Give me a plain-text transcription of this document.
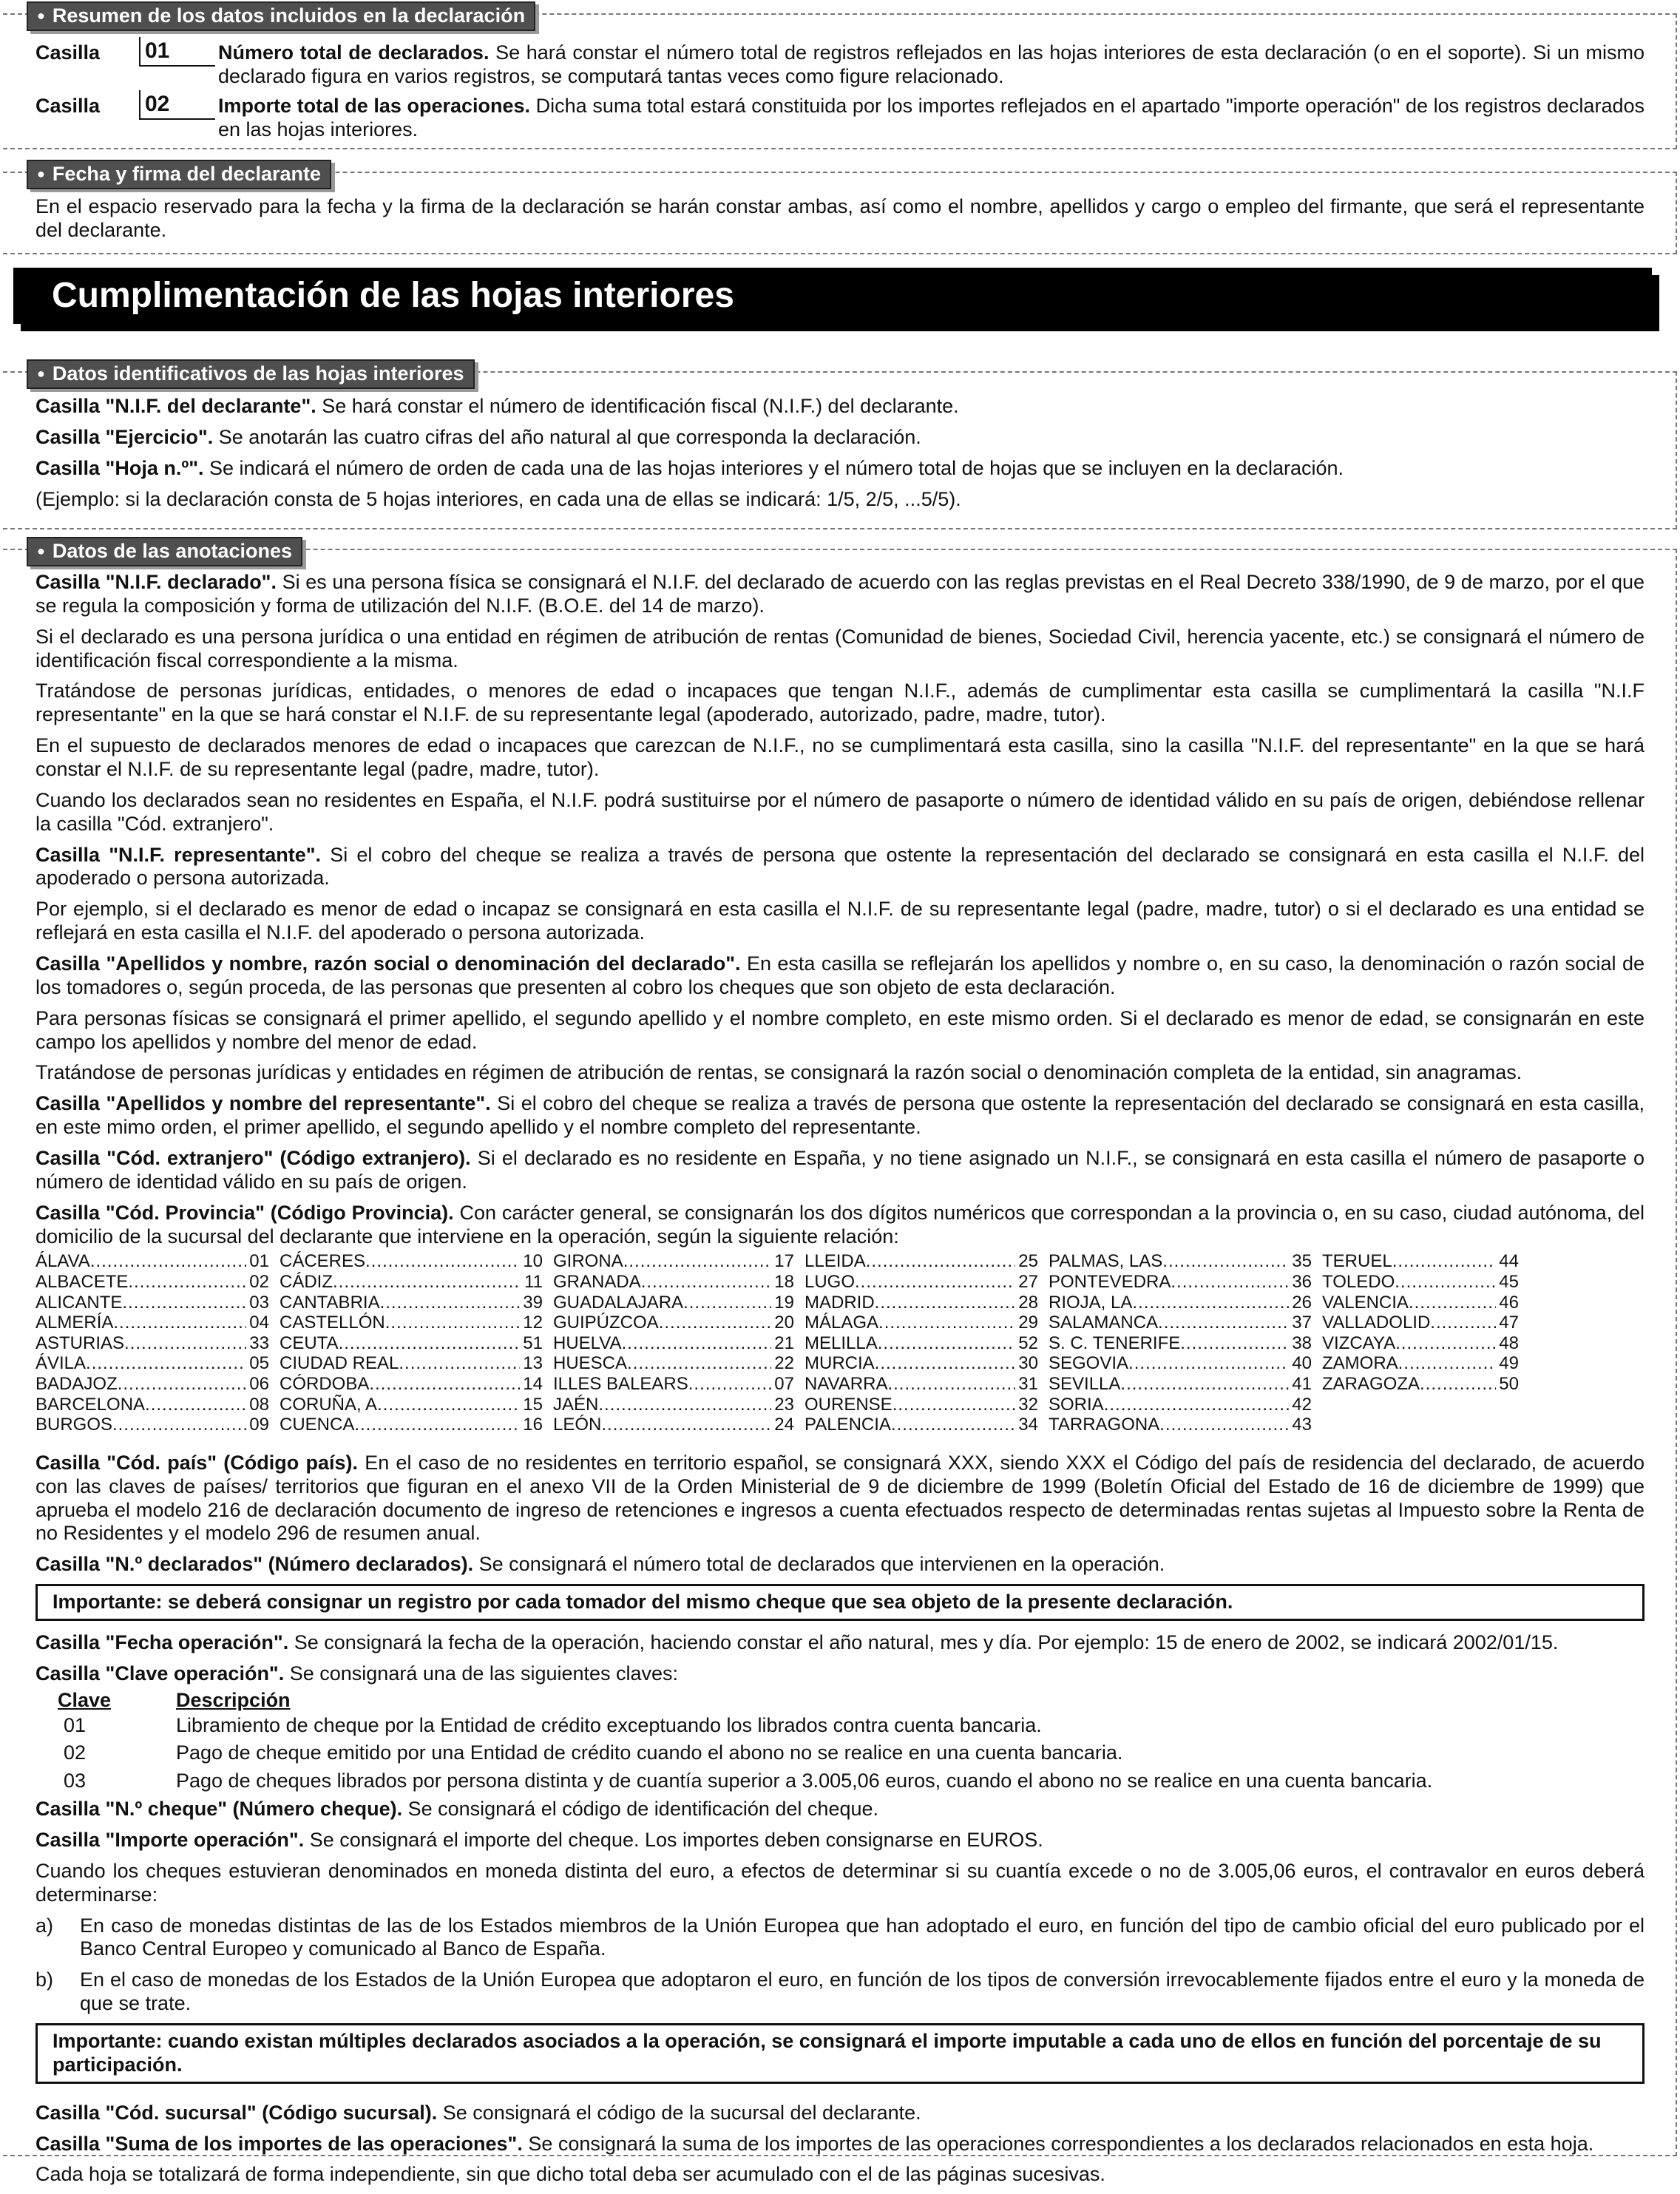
● Resumen de los datos incluidos en la declaración
Casilla	01	Número total de declarados. Se hará constar el número total de registros reflejados en las hojas interiores de esta declaración (o en el soporte). Si un mismo declarado figura en varios registros, se computará tantas veces como figure relacionado.
Casilla	02	Importe total de las operaciones. Dicha suma total estará constituida por los importes reflejados en el apartado "importe operación" de los registros declarados en las hojas interiores.
● Fecha y firma del declarante

En el espacio reservado para la fecha y la firma de la declaración se harán constar ambas, así como el nombre, apellidos y cargo o empleo del firmante, que será el representante del declarante.

Cumplimentación de las hojas interiores
● Datos identificativos de las hojas interiores

Casilla "N.I.F. del declarante". Se hará constar el número de identificación fiscal (N.I.F.) del declarante.

Casilla "Ejercicio". Se anotarán las cuatro cifras del año natural al que corresponda la declaración.

Casilla "Hoja n.º". Se indicará el número de orden de cada una de las hojas interiores y el número total de hojas que se incluyen en la declaración.

(Ejemplo: si la declaración consta de 5 hojas interiores, en cada una de ellas se indicará: 1/5, 2/5, ...5/5).

● Datos de las anotaciones

Casilla "N.I.F. declarado". Si es una persona física se consignará el N.I.F. del declarado de acuerdo con las reglas previstas en el Real Decreto 338/1990, de 9 de marzo, por el que se regula la composición y forma de utilización del N.I.F. (B.O.E. del 14 de marzo).

Si el declarado es una persona jurídica o una entidad en régimen de atribución de rentas (Comunidad de bienes, Sociedad Civil, herencia yacente, etc.) se consignará el número de identificación fiscal correspondiente a la misma.

Tratándose de personas jurídicas, entidades, o menores de edad o incapaces que tengan N.I.F., además de cumplimentar esta casilla se cumplimentará la casilla "N.I.F representante" en la que se hará constar el N.I.F. de su representante legal (apoderado, autorizado, padre, madre, tutor).

En el supuesto de declarados menores de edad o incapaces que carezcan de N.I.F., no se cumplimentará esta casilla, sino la casilla "N.I.F. del representante" en la que se hará constar el N.I.F. de su representante legal (padre, madre, tutor).

Cuando los declarados sean no residentes en España, el N.I.F. podrá sustituirse por el número de pasaporte o número de identidad válido en su país de origen, debiéndose rellenar la casilla "Cód. extranjero".

Casilla "N.I.F. representante". Si el cobro del cheque se realiza a través de persona que ostente la representación del declarado se consignará en esta casilla el N.I.F. del apoderado o persona autorizada.

Por ejemplo, si el declarado es menor de edad o incapaz se consignará en esta casilla el N.I.F. de su representante legal (padre, madre, tutor) o si el declarado es una entidad se reflejará en esta casilla el N.I.F. del apoderado o persona autorizada.

Casilla "Apellidos y nombre, razón social o denominación del declarado". En esta casilla se reflejarán los apellidos y nombre o, en su caso, la denominación o razón social de los tomadores o, según proceda, de las personas que presenten al cobro los cheques que son objeto de esta declaración.

Para personas físicas se consignará el primer apellido, el segundo apellido y el nombre completo, en este mismo orden. Si el declarado es menor de edad, se consignarán en este campo los apellidos y nombre del menor de edad.

Tratándose de personas jurídicas y entidades en régimen de atribución de rentas, se consignará la razón social o denominación completa de la entidad, sin anagramas.

Casilla "Apellidos y nombre del representante". Si el cobro del cheque se realiza a través de persona que ostente la representación del declarado se consignará en esta casilla, en este mimo orden, el primer apellido, el segundo apellido y el nombre completo del representante.

Casilla "Cód. extranjero" (Código extranjero). Si el declarado es no residente en España, y no tiene asignado un N.I.F., se consignará en esta casilla el número de pasaporte o número de identidad válido en su país de origen.

Casilla "Cód. Provincia" (Código Provincia). Con carácter general, se consignarán los dos dígitos numéricos que correspondan a la provincia o, en su caso, ciudad autónoma, del domicilio de la sucursal del declarante que interviene en la operación, según la siguiente relación:

ÁLAVA .....	01 CÁCERES .....	10 GIRONA .....	17 LLEIDA .....	25 PALMAS, LAS .....	35 TERUEL .....	44
ALBACETE .....	02 CÁDIZ .....	11 GRANADA .....	18 LUGO .....	27 PONTEVEDRA .....	36 TOLEDO .....	45
ALICANTE .....	03 CANTABRIA .....	39 GUADALAJARA .....	19 MADRID .....	28 RIOJA, LA .....	26 VALENCIA .....	46
ALMERÍA .....	04 CASTELLÓN .....	12 GUIPÚZCOA .....	20 MÁLAGA .....	29 SALAMANCA .....	37 VALLADOLID .....	47
ASTURIAS .....	33 CEUTA .....	51 HUELVA .....	21 MELILLA .....	52 S. C. TENERIFE .....	38 VIZCAYA .....	48
ÁVILA .....	05 CIUDAD REAL .....	13 HUESCA .....	22 MURCIA .....	30 SEGOVIA .....	40 ZAMORA .....	49
BADAJOZ .....	06 CÓRDOBA .....	14 ILLES BALEARS .....	07 NAVARRA .....	31 SEVILLA .....	41 ZARAGOZA .....	50
BARCELONA .....	08 CORUÑA, A .....	15 JAÉN .....	23 OURENSE .....	32 SORIA .....	42
BURGOS .....	09 CUENCA .....	16 LEÓN .....	24 PALENCIA .....	34 TARRAGONA .....	43

Casilla "Cód. país" (Código país). En el caso de no residentes en territorio español, se consignará XXX, siendo XXX el Código del país de residencia del declarado, de acuerdo con las claves de países/ territorios que figuran en el anexo VII de la Orden Ministerial de 9 de diciembre de 1999 (Boletín Oficial del Estado de 16 de diciembre de 1999) que aprueba el modelo 216 de declaración documento de ingreso de retenciones e ingresos a cuenta efectuados respecto de determinadas rentas sujetas al Impuesto sobre la Renta de no Residentes y el modelo 296 de resumen anual.

Casilla "N.º declarados" (Número declarados). Se consignará el número total de declarados que intervienen en la operación.

Importante: se deberá consignar un registro por cada tomador del mismo cheque que sea objeto de la presente declaración.

Casilla "Fecha operación". Se consignará la fecha de la operación, haciendo constar el año natural, mes y día. Por ejemplo: 15 de enero de 2002, se indicará 2002/01/15.

Casilla "Clave operación". Se consignará una de las siguientes claves:

Clave	Descripción
01	Libramiento de cheque por la Entidad de crédito exceptuando los librados contra cuenta bancaria.
02	Pago de cheque emitido por una Entidad de crédito cuando el abono no se realice en una cuenta bancaria.
03	Pago de cheques librados por persona distinta y de cuantía superior a 3.005,06 euros, cuando el abono no se realice en una cuenta bancaria.

Casilla "N.º cheque" (Número cheque). Se consignará el código de identificación del cheque.

Casilla "Importe operación". Se consignará el importe del cheque. Los importes deben consignarse en EUROS.

Cuando los cheques estuvieran denominados en moneda distinta del euro, a efectos de determinar si su cuantía excede o no de 3.005,06 euros, el contravalor en euros deberá determinarse:

a)	En caso de monedas distintas de las de los Estados miembros de la Unión Europea que han adoptado el euro, en función del tipo de cambio oficial del euro publicado por el Banco Central Europeo y comunicado al Banco de España.
b)	En el caso de monedas de los Estados de la Unión Europea que adoptaron el euro, en función de los tipos de conversión irrevocablemente fijados entre el euro y la moneda de que se trate.
Importante: cuando existan múltiples declarados asociados a la operación, se consignará el importe imputable a cada uno de ellos en función del porcentaje de su participación.

Casilla "Cód. sucursal" (Código sucursal). Se consignará el código de la sucursal del declarante.

Casilla "Suma de los importes de las operaciones". Se consignará la suma de los importes de las operaciones correspondientes a los declarados relacionados en esta hoja.

Cada hoja se totalizará de forma independiente, sin que dicho total deba ser acumulado con el de las páginas sucesivas.
